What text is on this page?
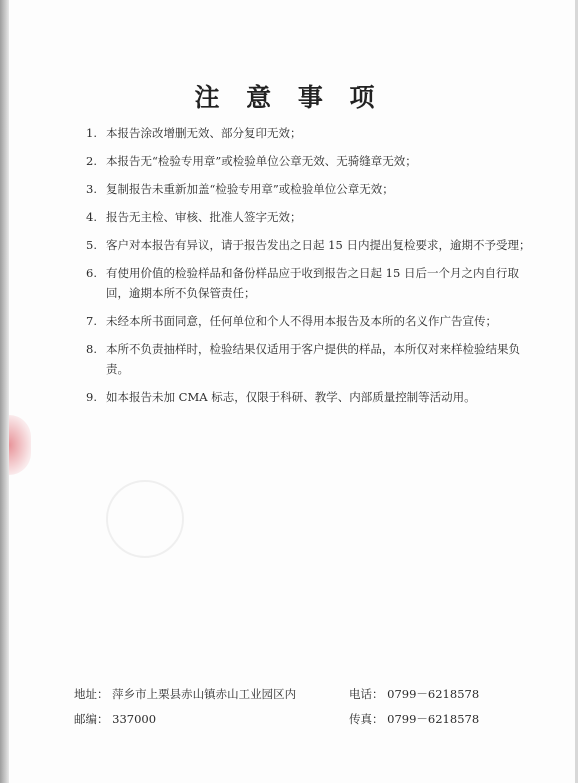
注 意 事 项
1. 本报告涂改增删无效、部分复印无效；
2. 本报告无“检验专用章”或检验单位公章无效、无骑缝章无效；
3. 复制报告未重新加盖“检验专用章”或检验单位公章无效；
4. 报告无主检、审核、批准人签字无效；
5. 客户对本报告有异议，请于报告发出之日起 15 日内提出复检要求，逾期不予受理；
6. 有使用价值的检验样品和备份样品应于收到报告之日起 15 日后一个月之内自行取回，逾期本所不负保管责任；
7. 未经本所书面同意，任何单位和个人不得用本报告及本所的名义作广告宣传；
8. 本所不负责抽样时，检验结果仅适用于客户提供的样品，本所仅对来样检验结果负责。
9. 如本报告未加 CMA 标志，仅限于科研、教学、内部质量控制等活动用。
地址： 萍乡市上栗县赤山镇赤山工业园区内	电话： 0799－6218578
邮编： 337000	传真： 0799－6218578
